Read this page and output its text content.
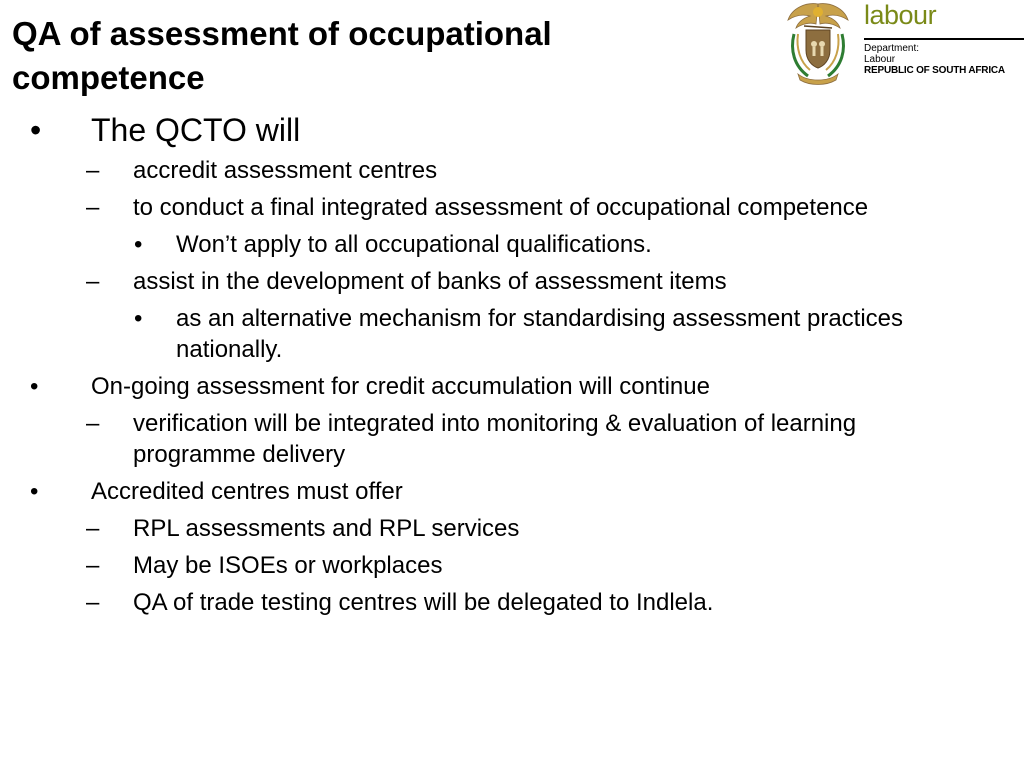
QA of assessment of occupational competence
labour
Department:
Labour
REPUBLIC OF SOUTH AFRICA
• The QCTO will
– accredit assessment centres
– to conduct a final integrated assessment of occupational competence
• Won’t apply to all occupational qualifications.
– assist in the development of banks of assessment items
• as an alternative mechanism for standardising assessment practices nationally.
• On-going assessment for credit accumulation will continue
– verification will be integrated into monitoring & evaluation of learning programme delivery
• Accredited centres must offer
– RPL assessments and RPL services
– May be ISOEs or workplaces
– QA of trade testing centres will be delegated to Indlela.
